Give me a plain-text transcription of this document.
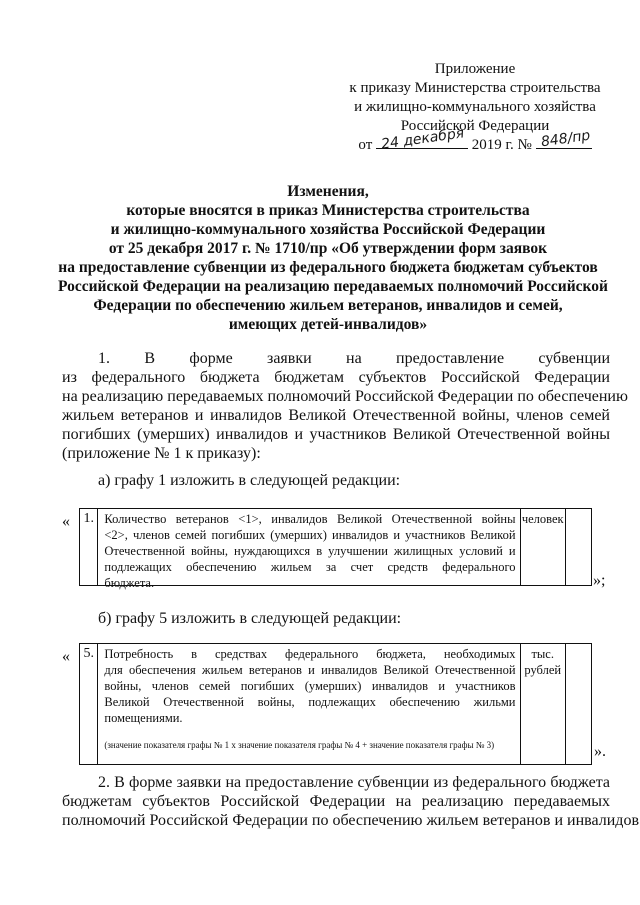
Приложение
к приказу Министерства строительства
и жилищно-коммунального хозяйства
Российской Федерации
от	2019 г. №
24 декабря	848/пр
Изменения,
которые вносятся в приказ Министерства строительства
и жилищно-коммунального хозяйства Российской Федерации
от 25 декабря 2017 г. № 1710/пр «Об утверждении форм заявок
на предоставление субвенции из федерального бюджета бюджетам субъектов
Российской Федерации на реализацию передаваемых полномочий Российской
Федерации по обеспечению жильем ветеранов, инвалидов и семей,
имеющих детей-инвалидов»
1. В форме заявки на предоставление субвенции
из федерального бюджета бюджетам субъектов Российской Федерации
на реализацию передаваемых полномочий Российской Федерации по обеспечению
жильем ветеранов и инвалидов Великой Отечественной войны, членов семей
погибших (умерших) инвалидов и участников Великой Отечественной войны
(приложение № 1 к приказу):
а) графу 1 изложить в следующей редакции:
« 1. Количество ветеранов <1>, инвалидов Великой Отечественной войны
<2>, членов семей погибших (умерших) инвалидов и участников Великой
Отечественной войны, нуждающихся в улучшении жилищных условий и
подлежащих обеспечению жильем за счет средств федерального
бюджета.
человек
»;
б) графу 5 изложить в следующей редакции:
« 5. Потребность в средствах федерального бюджета, необходимых
для обеспечения жильем ветеранов и инвалидов Великой Отечественной
войны, членов семей погибших (умерших) инвалидов и участников
Великой Отечественной войны, подлежащих обеспечению жильми
помещениями.
(значение показателя графы № 1 х значение показателя графы № 4 + значение показателя графы № 3)
тыс. рублей
».
2. В форме заявки на предоставление субвенции из федерального бюджета
бюджетам субъектов Российской Федерации на реализацию передаваемых
полномочий Российской Федерации по обеспечению жильем ветеранов и инвалидов
